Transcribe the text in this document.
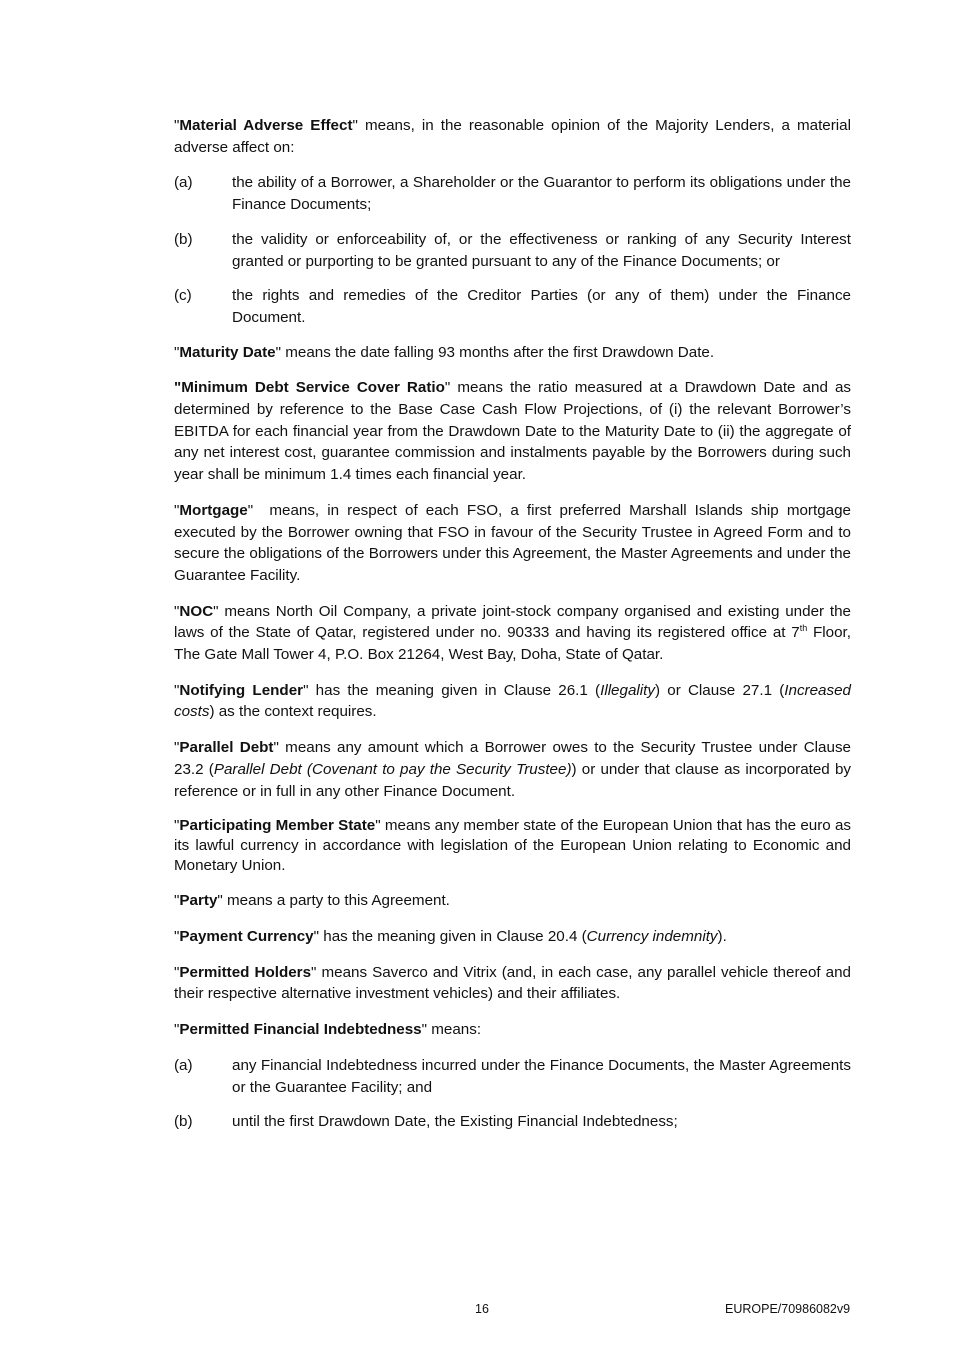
"Material Adverse Effect" means, in the reasonable opinion of the Majority Lenders, a material adverse affect on:

(a)	the ability of a Borrower, a Shareholder or the Guarantor to perform its obligations under the Finance Documents;
(b)	the validity or enforceability of, or the effectiveness or ranking of any Security Interest granted or purporting to be granted pursuant to any of the Finance Documents; or
(c)	the rights and remedies of the Creditor Parties (or any of them) under the Finance Document.

"Maturity Date" means the date falling 93 months after the first Drawdown Date.

"Minimum Debt Service Cover Ratio" means the ratio measured at a Drawdown Date and as determined by reference to the Base Case Cash Flow Projections, of (i) the relevant Borrower’s EBITDA for each financial year from the Drawdown Date to the Maturity Date to (ii) the aggregate of any net interest cost, guarantee commission and instalments payable by the Borrowers during such year shall be minimum 1.4 times each financial year.

"Mortgage"  means, in respect of each FSO, a first preferred Marshall Islands ship mortgage executed by the Borrower owning that FSO in favour of the Security Trustee in Agreed Form and to secure the obligations of the Borrowers under this Agreement, the Master Agreements and under the Guarantee Facility.

"NOC" means North Oil Company, a private joint-stock company organised and existing under the laws of the State of Qatar, registered under no. 90333 and having its registered office at 7th Floor, The Gate Mall Tower 4, P.O. Box 21264, West Bay, Doha, State of Qatar.

"Notifying Lender" has the meaning given in Clause 26.1 (Illegality) or Clause 27.1 (Increased costs) as the context requires.

"Parallel Debt" means any amount which a Borrower owes to the Security Trustee under Clause 23.2 (Parallel Debt (Covenant to pay the Security Trustee)) or under that clause as incorporated by reference or in full in any other Finance Document.

"Participating Member State" means any member state of the European Union that has the euro as its lawful currency in accordance with legislation of the European Union relating to Economic and Monetary Union.

"Party" means a party to this Agreement.

"Payment Currency" has the meaning given in Clause 20.4 (Currency indemnity).

"Permitted Holders" means Saverco and Vitrix (and, in each case, any parallel vehicle thereof and their respective alternative investment vehicles) and their affiliates.

"Permitted Financial Indebtedness" means:

(a)	any Financial Indebtedness incurred under the Finance Documents, the Master Agreements or the Guarantee Facility; and
(b)	until the first Drawdown Date, the Existing Financial Indebtedness;
16	EUROPE/70986082v9
